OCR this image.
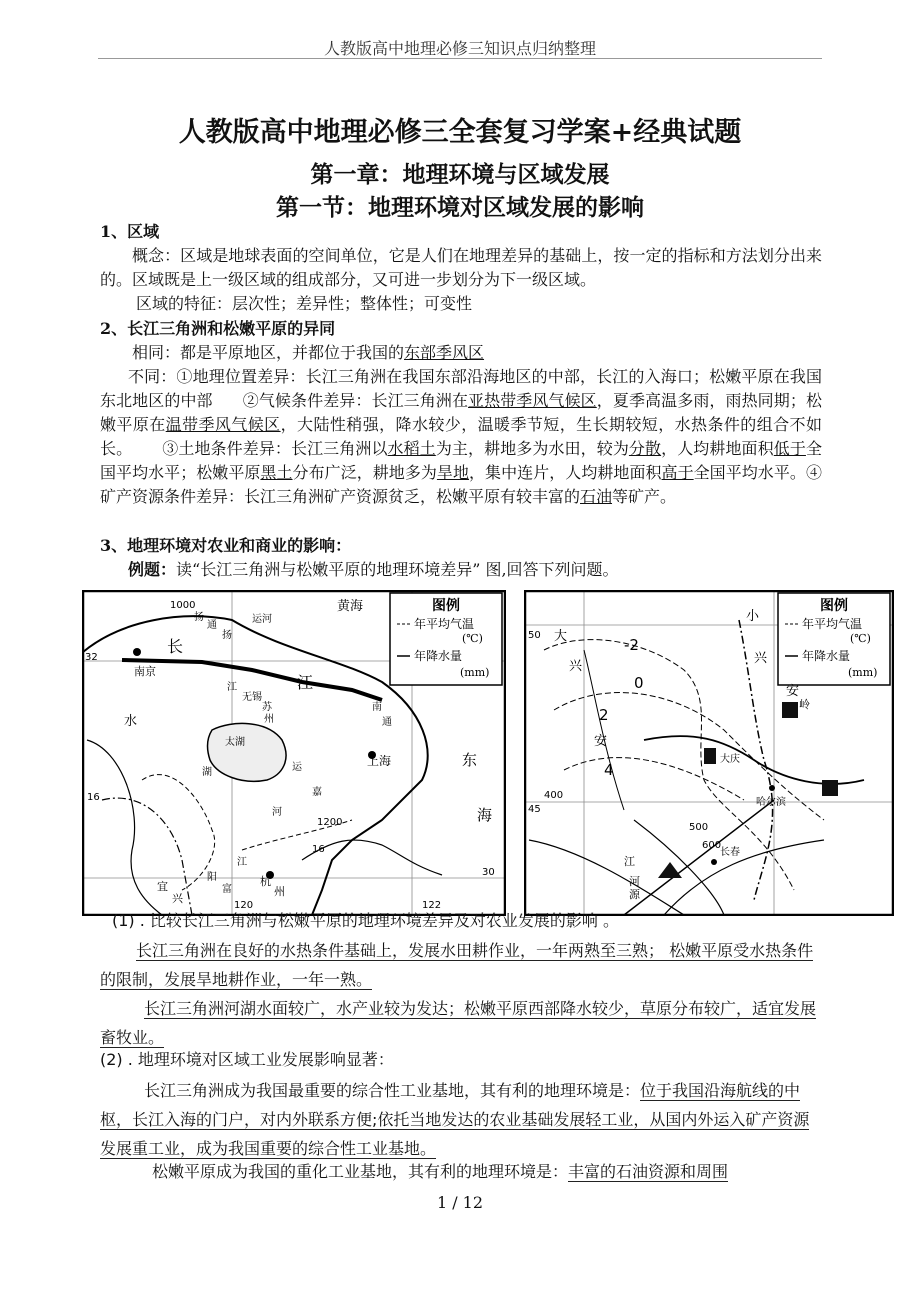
人教版高中地理必修三知识点归纳整理
人教版高中地理必修三全套复习学案+经典试题
第一章：地理环境与区域发展
第一节：地理环境对区域发展的影响
1、区域
概念：区域是地球表面的空间单位，它是人们在地理差异的基础上，按一定的指标和方法划分出来的。区域既是上一级区域的组成部分，又可进一步划分为下一级区域。
区域的特征：层次性；差异性；整体性；可变性
2、长江三角洲和松嫩平原的异同
相同：都是平原地区，并都位于我国的东部季风区
不同：①地理位置差异：长江三角洲在我国东部沿海地区的中部，长江的入海口；松嫩平原在我国东北地区的中部 ②气候条件差异：长江三角洲在亚热带季风气候区，夏季高温多雨，雨热同期；松嫩平原在温带季风气候区，大陆性稍强，降水较少，温暖季节短，生长期较短，水热条件的组合不如长。 ③土地条件差异：长江三角洲以水稻土为主，耕地多为水田，较为分散，人均耕地面积低于全国平均水平；松嫩平原黑土分布广泛，耕地多为旱地，集中连片，人均耕地面积高于全国平均水平。④矿产资源条件差异：长江三角洲矿产资源贫乏，松嫩平原有较丰富的石油等矿产。
3、地理环境对农业和商业的影响：
例题：读“长江三角洲与松嫩平原的地理环境差异” 图,回答下列问题。
图例
年平均气温
(℃)
年降水量
(mm)
黄海
运河
通
扬
南京
长
江
水
宜
兴
无锡
苏
州
太湖
嘉
上海	东
海
杭
州
湖
南
通
扬
江
1000
1200
16
16
32
30
122
120
阳
富
江
河
运
图例
年平均气温
(℃)
年降水量
(mm)
小
兴
安
岭
大
兴
安
大庆
哈尔滨
长春
江
河
源
50
45
-2
0
2
4
500
600
400
(1) . 比较长江三角洲与松嫩平原的地理环境差异及对农业发展的影响 。
长江三角洲在良好的水热条件基础上，发展水田耕作业，一年两熟至三熟； 松嫩平原受水热条件的限制，发展旱地耕作业，一年一熟。
长江三角洲河湖水面较广，水产业较为发达；松嫩平原西部降水较少，草原分布较广，适宜发展畜牧业。
(2) . 地理环境对区域工业发展影响显著：
长江三角洲成为我国最重要的综合性工业基地，其有利的地理环境是：位于我国沿海航线的中枢，长江入海的门户，对内外联系方便;依托当地发达的农业基础发展轻工业，从国内外运入矿产资源发展重工业，成为我国重要的综合性工业基地。
松嫩平原成为我国的重化工业基地，其有利的地理环境是：丰富的石油资源和周围
1 / 12
